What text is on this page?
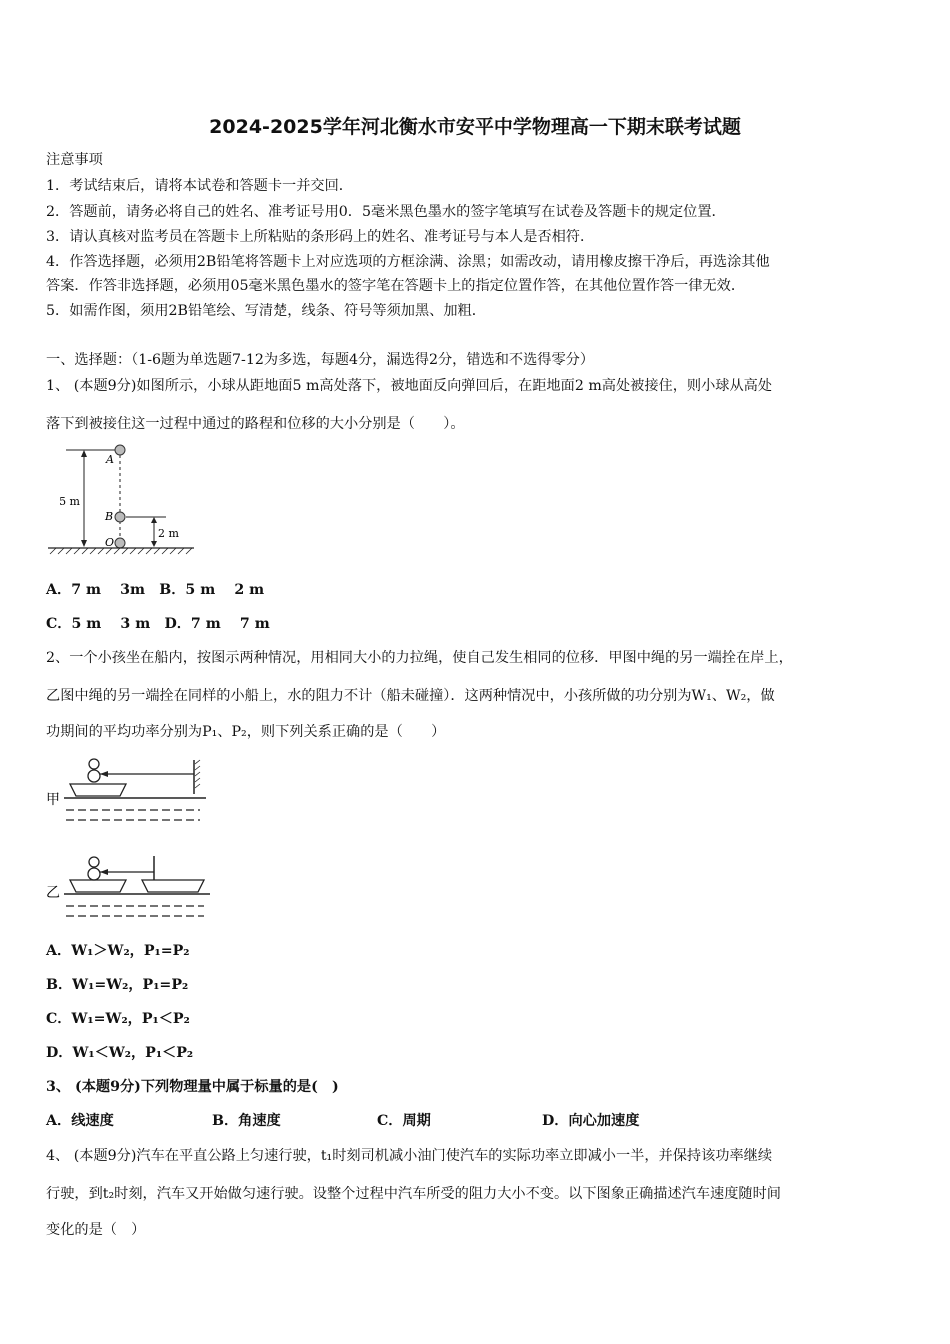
2024-2025学年河北衡水市安平中学物理高一下期末联考试题
注意事项
1．考试结束后，请将本试卷和答题卡一并交回．
2．答题前，请务必将自己的姓名、准考证号用0．5毫米黑色墨水的签字笔填写在试卷及答题卡的规定位置．
3．请认真核对监考员在答题卡上所粘贴的条形码上的姓名、准考证号与本人是否相符．
4．作答选择题，必须用2B铅笔将答题卡上对应选项的方框涂满、涂黑；如需改动，请用橡皮擦干净后，再选涂其他
答案．作答非选择题，必须用05毫米黑色墨水的签字笔在答题卡上的指定位置作答，在其他位置作答一律无效．
5．如需作图，须用2B铅笔绘、写清楚，线条、符号等须加黑、加粗．
一、选择题：（1-6题为单选题7-12为多选，每题4分，漏选得2分，错选和不选得零分）
1、 (本题9分)如图所示，小球从距地面5 m高处落下，被地面反向弹回后，在距地面2 m高处被接住，则小球从高处
落下到被接住这一过程中通过的路程和位移的大小分别是（　　）。
5 m
A
B
O
2 m
A．7 m　 3m　B．5 m　 2 m
C．5 m　 3 m　D．7 m　 7 m
2、一个小孩坐在船内，按图示两种情况，用相同大小的力拉绳，使自己发生相同的位移．甲图中绳的另一端拴在岸上，
乙图中绳的另一端拴在同样的小船上，水的阻力不计（船未碰撞）．这两种情况中，小孩所做的功分别为W₁、W₂，做
功期间的平均功率分别为P₁、P₂，则下列关系正确的是（　　）
甲
乙
A．W₁＞W₂，P₁=P₂
B．W₁=W₂，P₁=P₂
C．W₁=W₂，P₁＜P₂
D．W₁＜W₂，P₁＜P₂
3、 (本题9分)下列物理量中属于标量的是(　)
A．线速度	B．角速度	C．周期	D．向心加速度
4、 (本题9分)汽车在平直公路上匀速行驶，t₁时刻司机减小油门使汽车的实际功率立即减小一半，并保持该功率继续
行驶，到t₂时刻，汽车又开始做匀速行驶。设整个过程中汽车所受的阻力大小不变。以下图象正确描述汽车速度随时间
变化的是（　）
